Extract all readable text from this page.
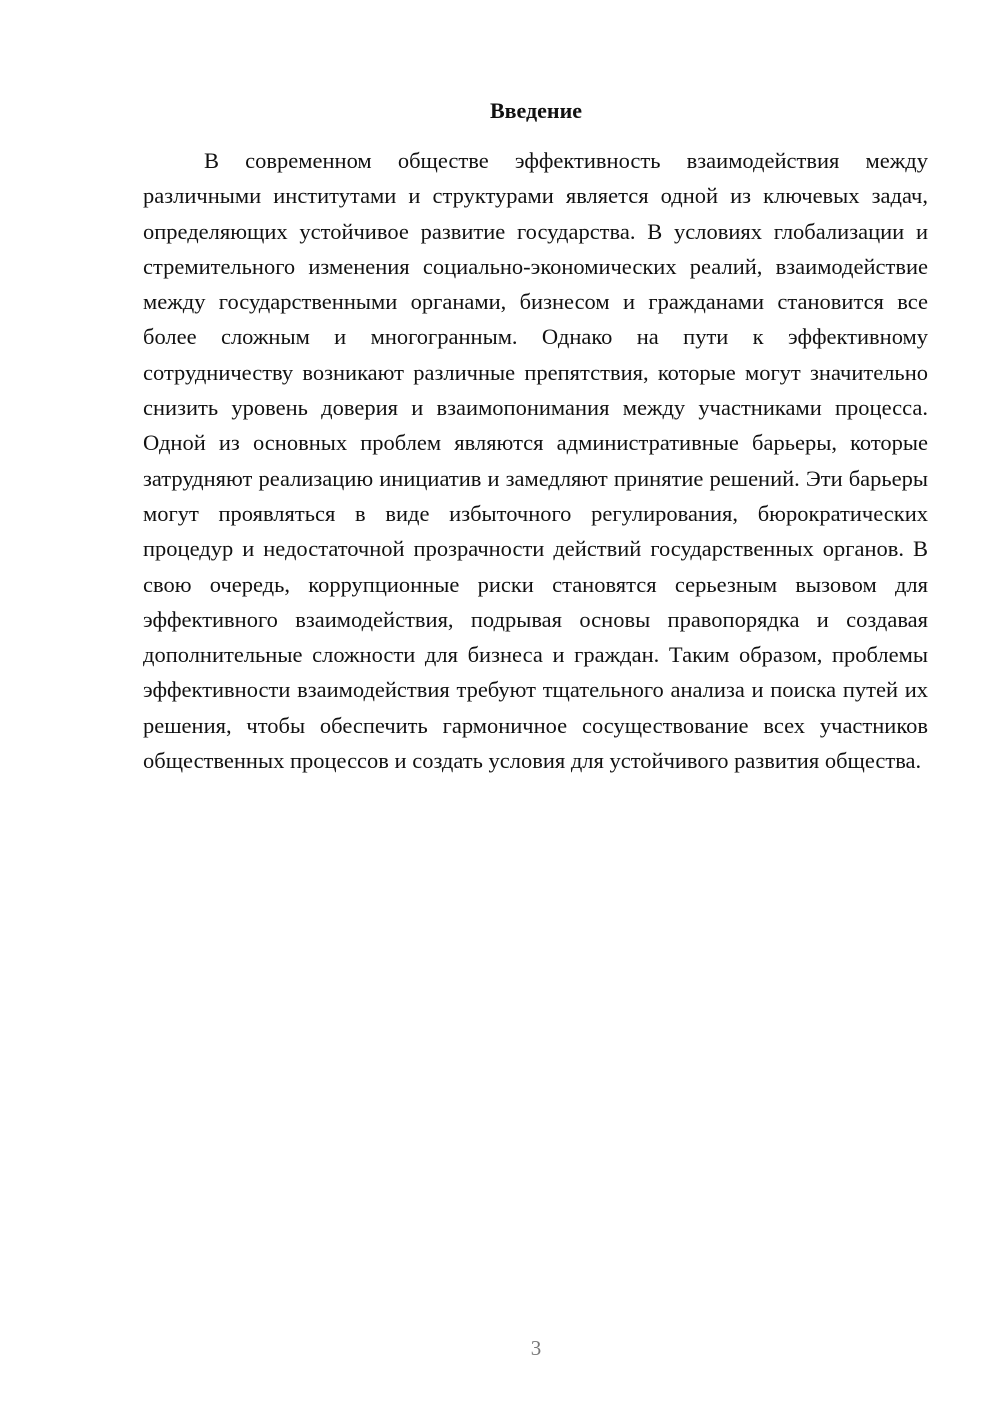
Введение

В современном обществе эффективность взаимодействия между различными институтами и структурами является одной из ключевых задач, определяющих устойчивое развитие государства. В условиях глобализации и стремительного изменения социально-экономических реалий, взаимодействие между государственными органами, бизнесом и гражданами становится все более сложным и многогранным. Однако на пути к эффективному сотрудничеству возникают различные препятствия, которые могут значительно снизить уровень доверия и взаимопонимания между участниками процесса. Одной из основных проблем являются административные барьеры, которые затрудняют реализацию инициатив и замедляют принятие решений. Эти барьеры могут проявляться в виде избыточного регулирования, бюрократических процедур и недостаточной прозрачности действий государственных органов. В свою очередь, коррупционные риски становятся серьезным вызовом для эффективного взаимодействия, подрывая основы правопорядка и создавая дополнительные сложности для бизнеса и граждан. Таким образом, проблемы эффективности взаимодействия требуют тщательного анализа и поиска путей их решения, чтобы обеспечить гармоничное сосуществование всех участников общественных процессов и создать условия для устойчивого развития общества.

3
